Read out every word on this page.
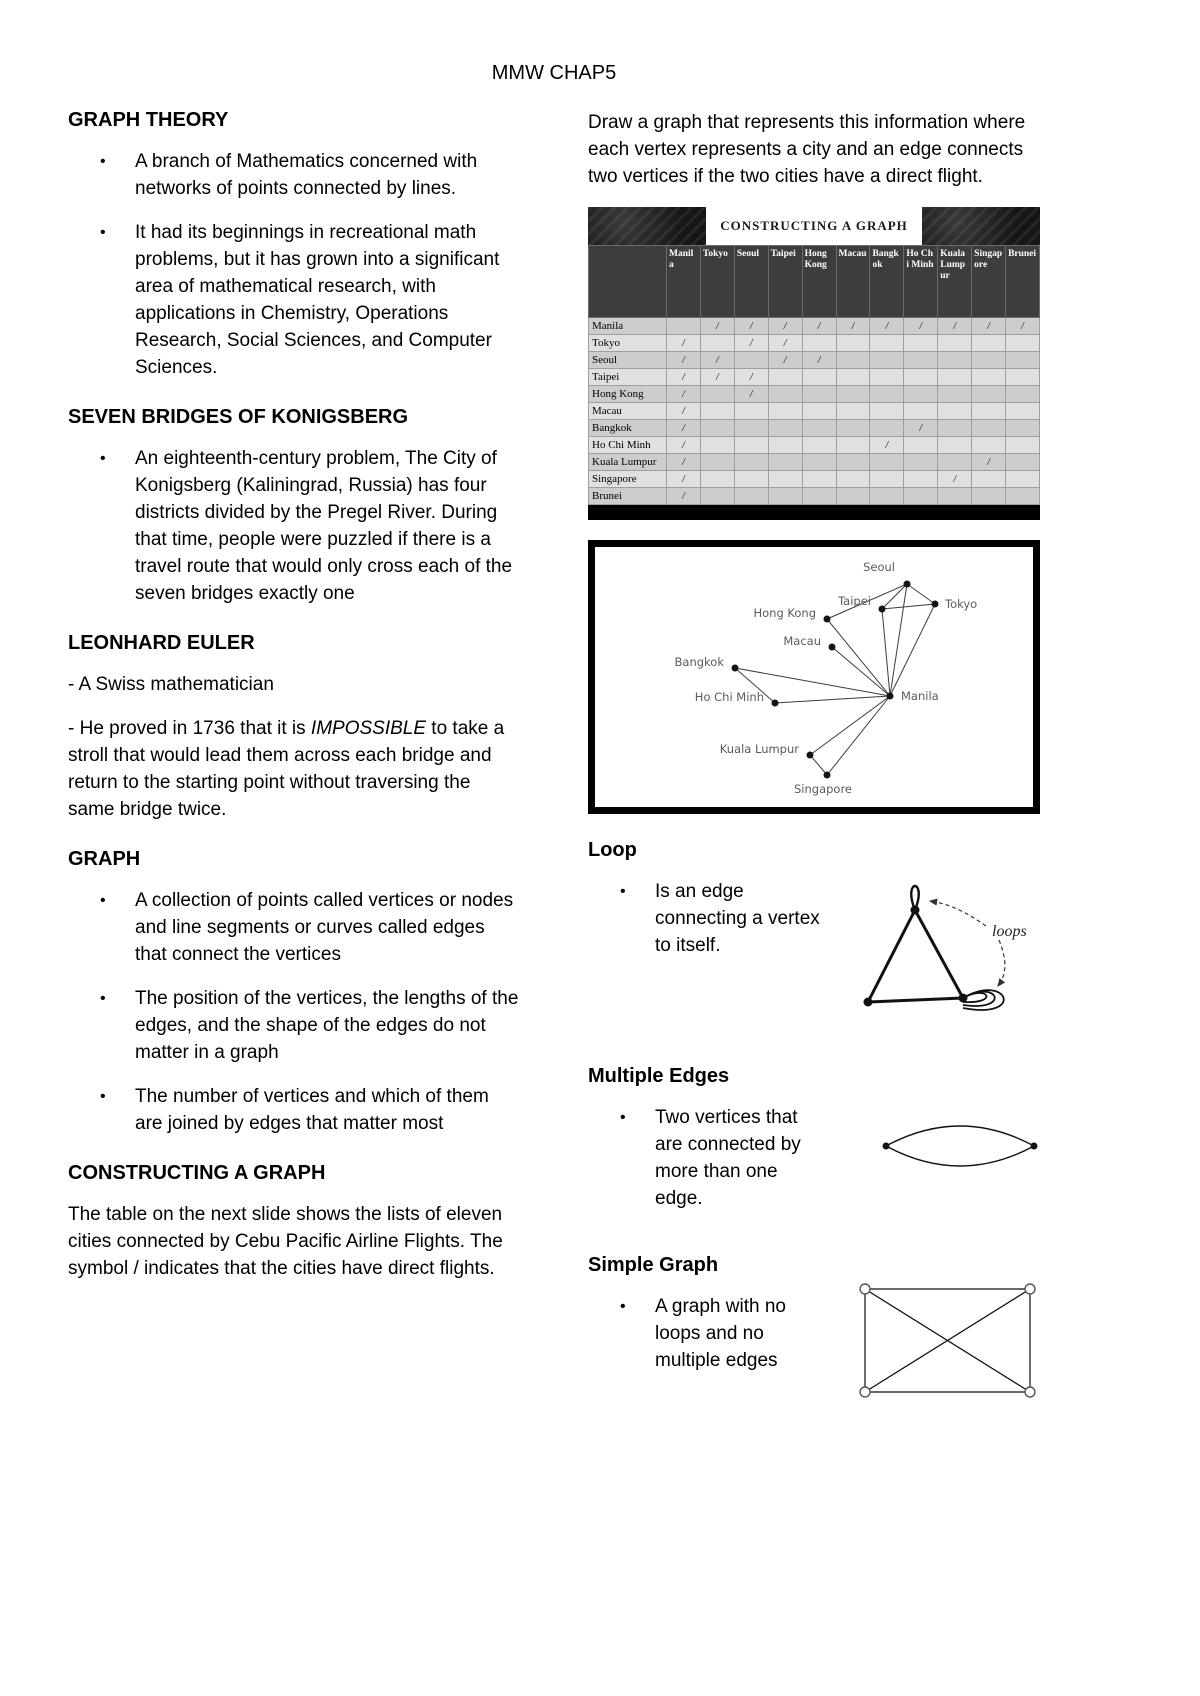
MMW CHAP5
GRAPH THEORY
• A branch of Mathematics concerned with networks of points connected by lines.
• It had its beginnings in recreational math problems, but it has grown into a significant area of mathematical research, with applications in Chemistry, Operations Research, Social Sciences, and Computer Sciences.
SEVEN BRIDGES OF KONIGSBERG
• An eighteenth-century problem, The City of Konigsberg (Kaliningrad, Russia) has four districts divided by the Pregel River. During that time, people were puzzled if there is a travel route that would only cross each of the seven bridges exactly one
LEONHARD EULER

- A Swiss mathematician

- He proved in 1736 that it is IMPOSSIBLE to take a stroll that would lead them across each bridge and return to the starting point without traversing the same bridge twice.

GRAPH
• A collection of points called vertices or nodes and line segments or curves called edges that connect the vertices
• The position of the vertices, the lengths of the edges, and the shape of the edges do not matter in a graph
• The number of vertices and which of them are joined by edges that matter most
CONSTRUCTING A GRAPH

The table on the next slide shows the lists of eleven cities connected by Cebu Pacific Airline Flights. The symbol / indicates that the cities have direct flights.

Draw a graph that represents this information where each vertex represents a city and an edge connects two vertices if the two cities have a direct flight.

CONSTRUCTING A GRAPH
	Manila	Tokyo	Seoul	Taipei	Hong Kong	Macau	Bangkok	Ho Chi Minh	Kuala Lumpur	Singapore	Brunei
Manila		/	/	/	/	/	/	/	/	/	/
Tokyo	/		/	/							
Seoul	/	/		/	/						
Taipei	/	/	/								
Hong Kong	/		/								
Macau	/										
Bangkok	/							/			
Ho Chi Minh	/						/				
Kuala Lumpur	/									/	
Singapore	/								/		
Brunei	/										
Seoul
Tokyo
Taipei
Hong Kong
Macau
Bangkok
Ho Chi Minh	Manila
Kuala Lumpur
Singapore
Loop
• Is an edge connecting a vertex to itself.
loops
Multiple Edges
• Two vertices that are connected by more than one edge.
Simple Graph
• A graph with no loops and no multiple edges
